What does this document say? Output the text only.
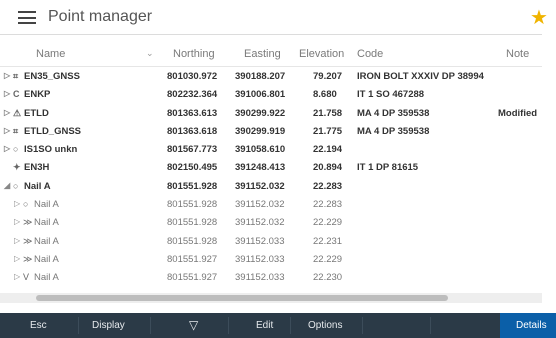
Point manager	★
Name	⌄ Northing	Easting Elevation Code	Note
▷ ⌗ EN35_GNSS	801030.972 390188.207	79.207 IRON BOLT XXXIV DP 38994
▷ C ENKP	802232.364 391006.801	8.680 IT 1 SO 467288
▷ ⚠ ETLD	801363.613 390299.922	21.758 MA 4 DP 359538	Modified
▷ ⌗ ETLD_GNSS	801363.618 390299.919	21.775 MA 4 DP 359538
▷ ○ IS1SO unkn	801567.773 391058.610	22.194
✦ EN3H	802150.495 391248.413	20.894 IT 1 DP 81615
◢ ○ Nail A	801551.928 391152.032	22.283
▷ ○ Nail A	801551.928 391152.032	22.283
▷ ≫ Nail A	801551.928 391152.032	22.229
▷ ≫ Nail A	801551.928 391152.033	22.231
▷ ≫ Nail A	801551.927 391152.033	22.229
▷ V Nail A	801551.927 391152.033	22.230
Esc	Display	▽	Edit	Options	Details
